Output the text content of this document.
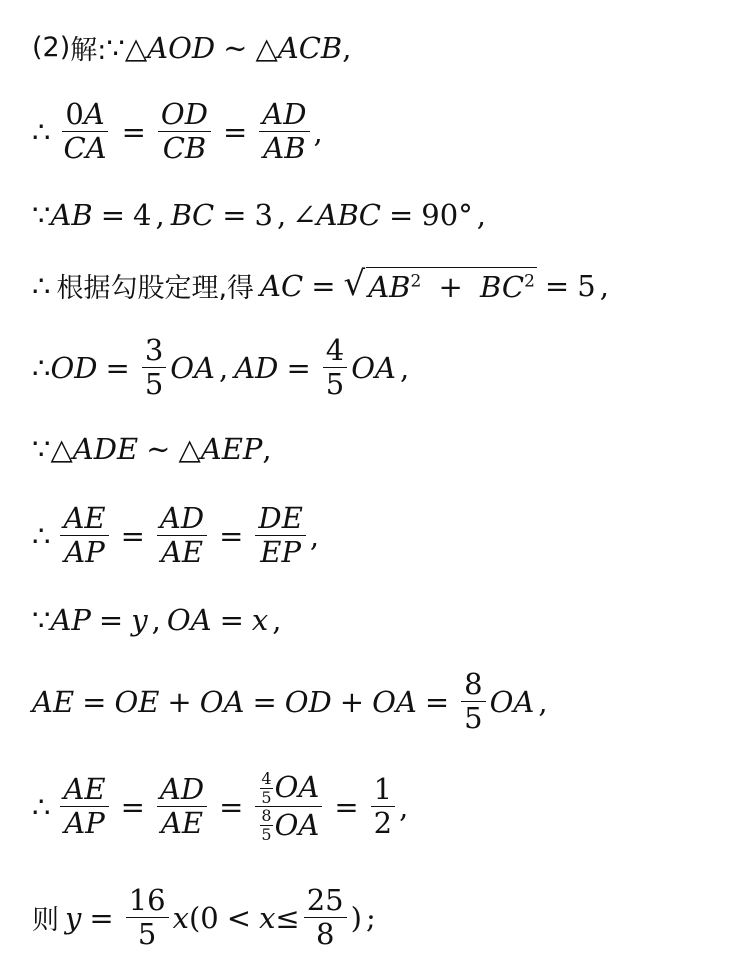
(2) 解: ∵ △ A O D ∼ △ A C B ,
∴ $\frac{0A}{CA} = \frac{OD}{CB} = \frac{AD}{AB}$ ,
∵ A B = 4 , B C = 3 , ∠ A B C = 90 ° ,
∴ 根据勾股定理,得 A C = √ $AB^2 + BC^2 = 5$ ,
∴ O $D = \frac{3}{5}$ O A , A $D = \frac{4}{5}$ O A ,
∵ △ A D E ∼ △ A E P ,
∴ $\frac{AE}{AP} = \frac{AD}{AE} = \frac{DE}{EP}$ ,
∵ A P = y , O A = x ,
A E = O E + O A = O D + O $A = \frac{8}{5}$ O A ,
∴ $\frac{AE}{AP} = \frac{AD}{AE} = \frac{\frac{4}{5} O A}{\frac{8}{5} O A} = \frac{1}{2}$ ,
则 $y = \frac{16}{5}$ x ( $0 < x \le \frac{25}{8}$ ) ;
